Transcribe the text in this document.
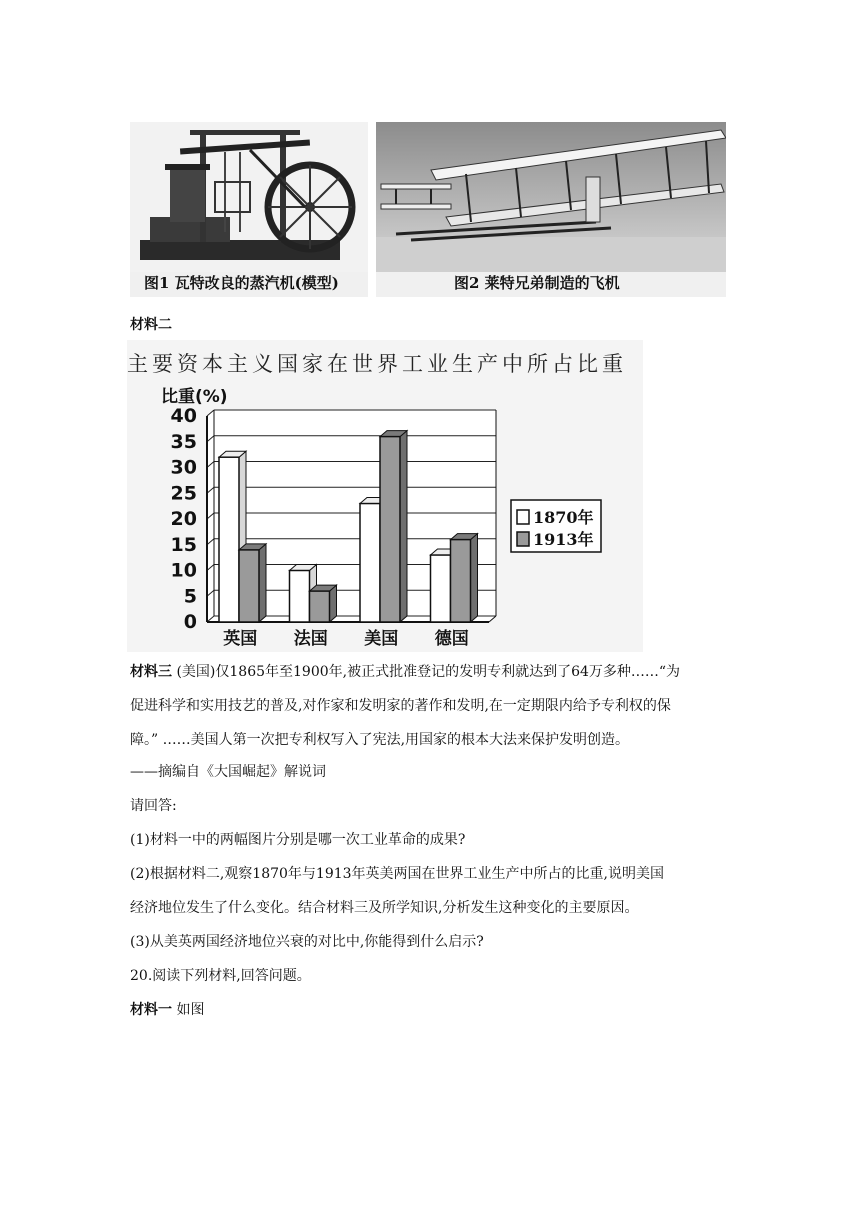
图1 瓦特改良的蒸汽机(模型)	图2 莱特兄弟制造的飞机
材料二
主要资本主义国家在世界工业生产中所占比重
0
5
10
15
20
25
30
35
40
比重(%)
英国 法国 美国 德国
1870年
1913年
材料三 (美国)仅1865年至1900年,被正式批准登记的发明专利就达到了64万多种……“为
促进科学和实用技艺的普及,对作家和发明家的著作和发明,在一定期限内给予专利权的保
障。” ……美国人第一次把专利权写入了宪法,用国家的根本大法来保护发明创造。
——摘编自《大国崛起》解说词
请回答:
(1)材料一中的两幅图片分别是哪一次工业革命的成果?
(2)根据材料二,观察1870年与1913年英美两国在世界工业生产中所占的比重,说明美国
经济地位发生了什么变化。结合材料三及所学知识,分析发生这种变化的主要原因。
(3)从美英两国经济地位兴衰的对比中,你能得到什么启示?
20.阅读下列材料,回答问题。
材料一 如图
